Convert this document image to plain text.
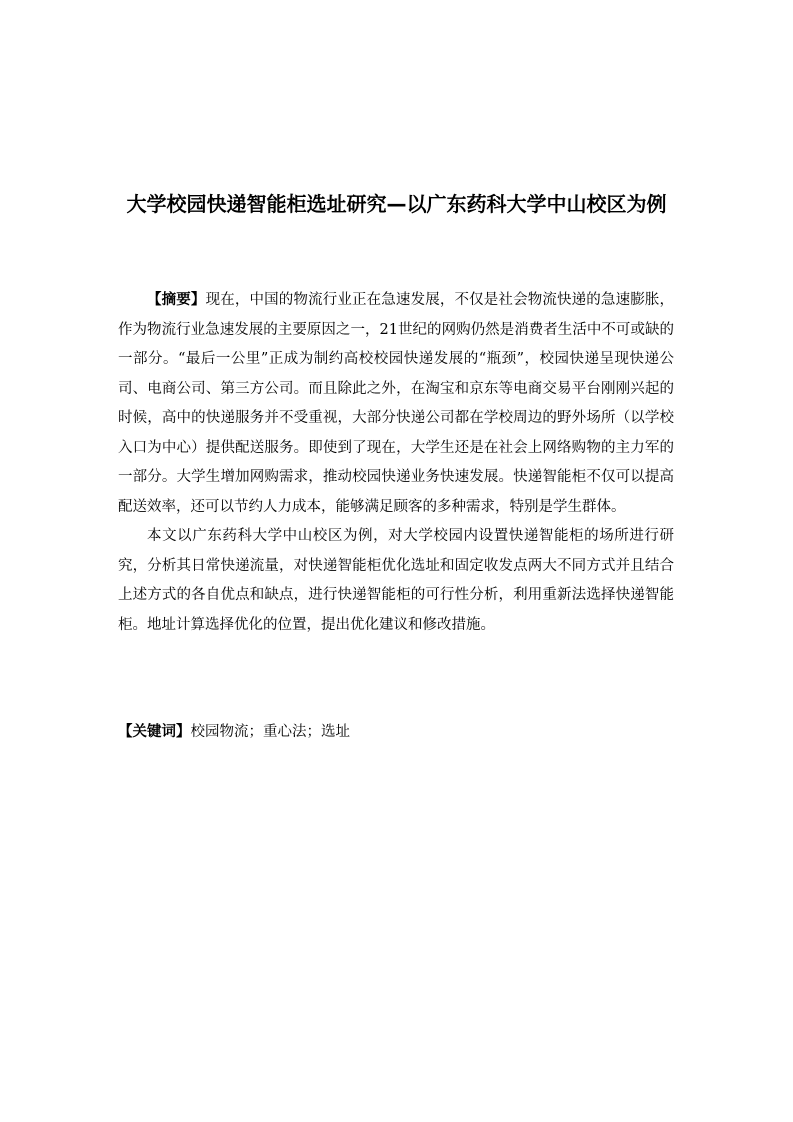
大学校园快递智能柜选址研究—以广东药科大学中山校区为例

【摘要】现在，中国的物流行业正在急速发展，不仅是社会物流快递的急速膨胀，作为物流行业急速发展的主要原因之一，21世纪的网购仍然是消费者生活中不可或缺的一部分。“最后一公里”正成为制约高校校园快递发展的“瓶颈”，校园快递呈现快递公司、电商公司、第三方公司。而且除此之外，在淘宝和京东等电商交易平台刚刚兴起的时候，高中的快递服务并不受重视，大部分快递公司都在学校周边的野外场所（以学校入口为中心）提供配送服务。即使到了现在，大学生还是在社会上网络购物的主力军的一部分。大学生增加网购需求，推动校园快递业务快速发展。快递智能柜不仅可以提高配送效率，还可以节约人力成本，能够满足顾客的多种需求，特别是学生群体。

本文以广东药科大学中山校区为例，对大学校园内设置快递智能柜的场所进行研究，分析其日常快递流量，对快递智能柜优化选址和固定收发点两大不同方式并且结合上述方式的各自优点和缺点，进行快递智能柜的可行性分析，利用重新法选择快递智能柜。地址计算选择优化的位置，提出优化建议和修改措施。

【关键词】校园物流；重心法；选址
